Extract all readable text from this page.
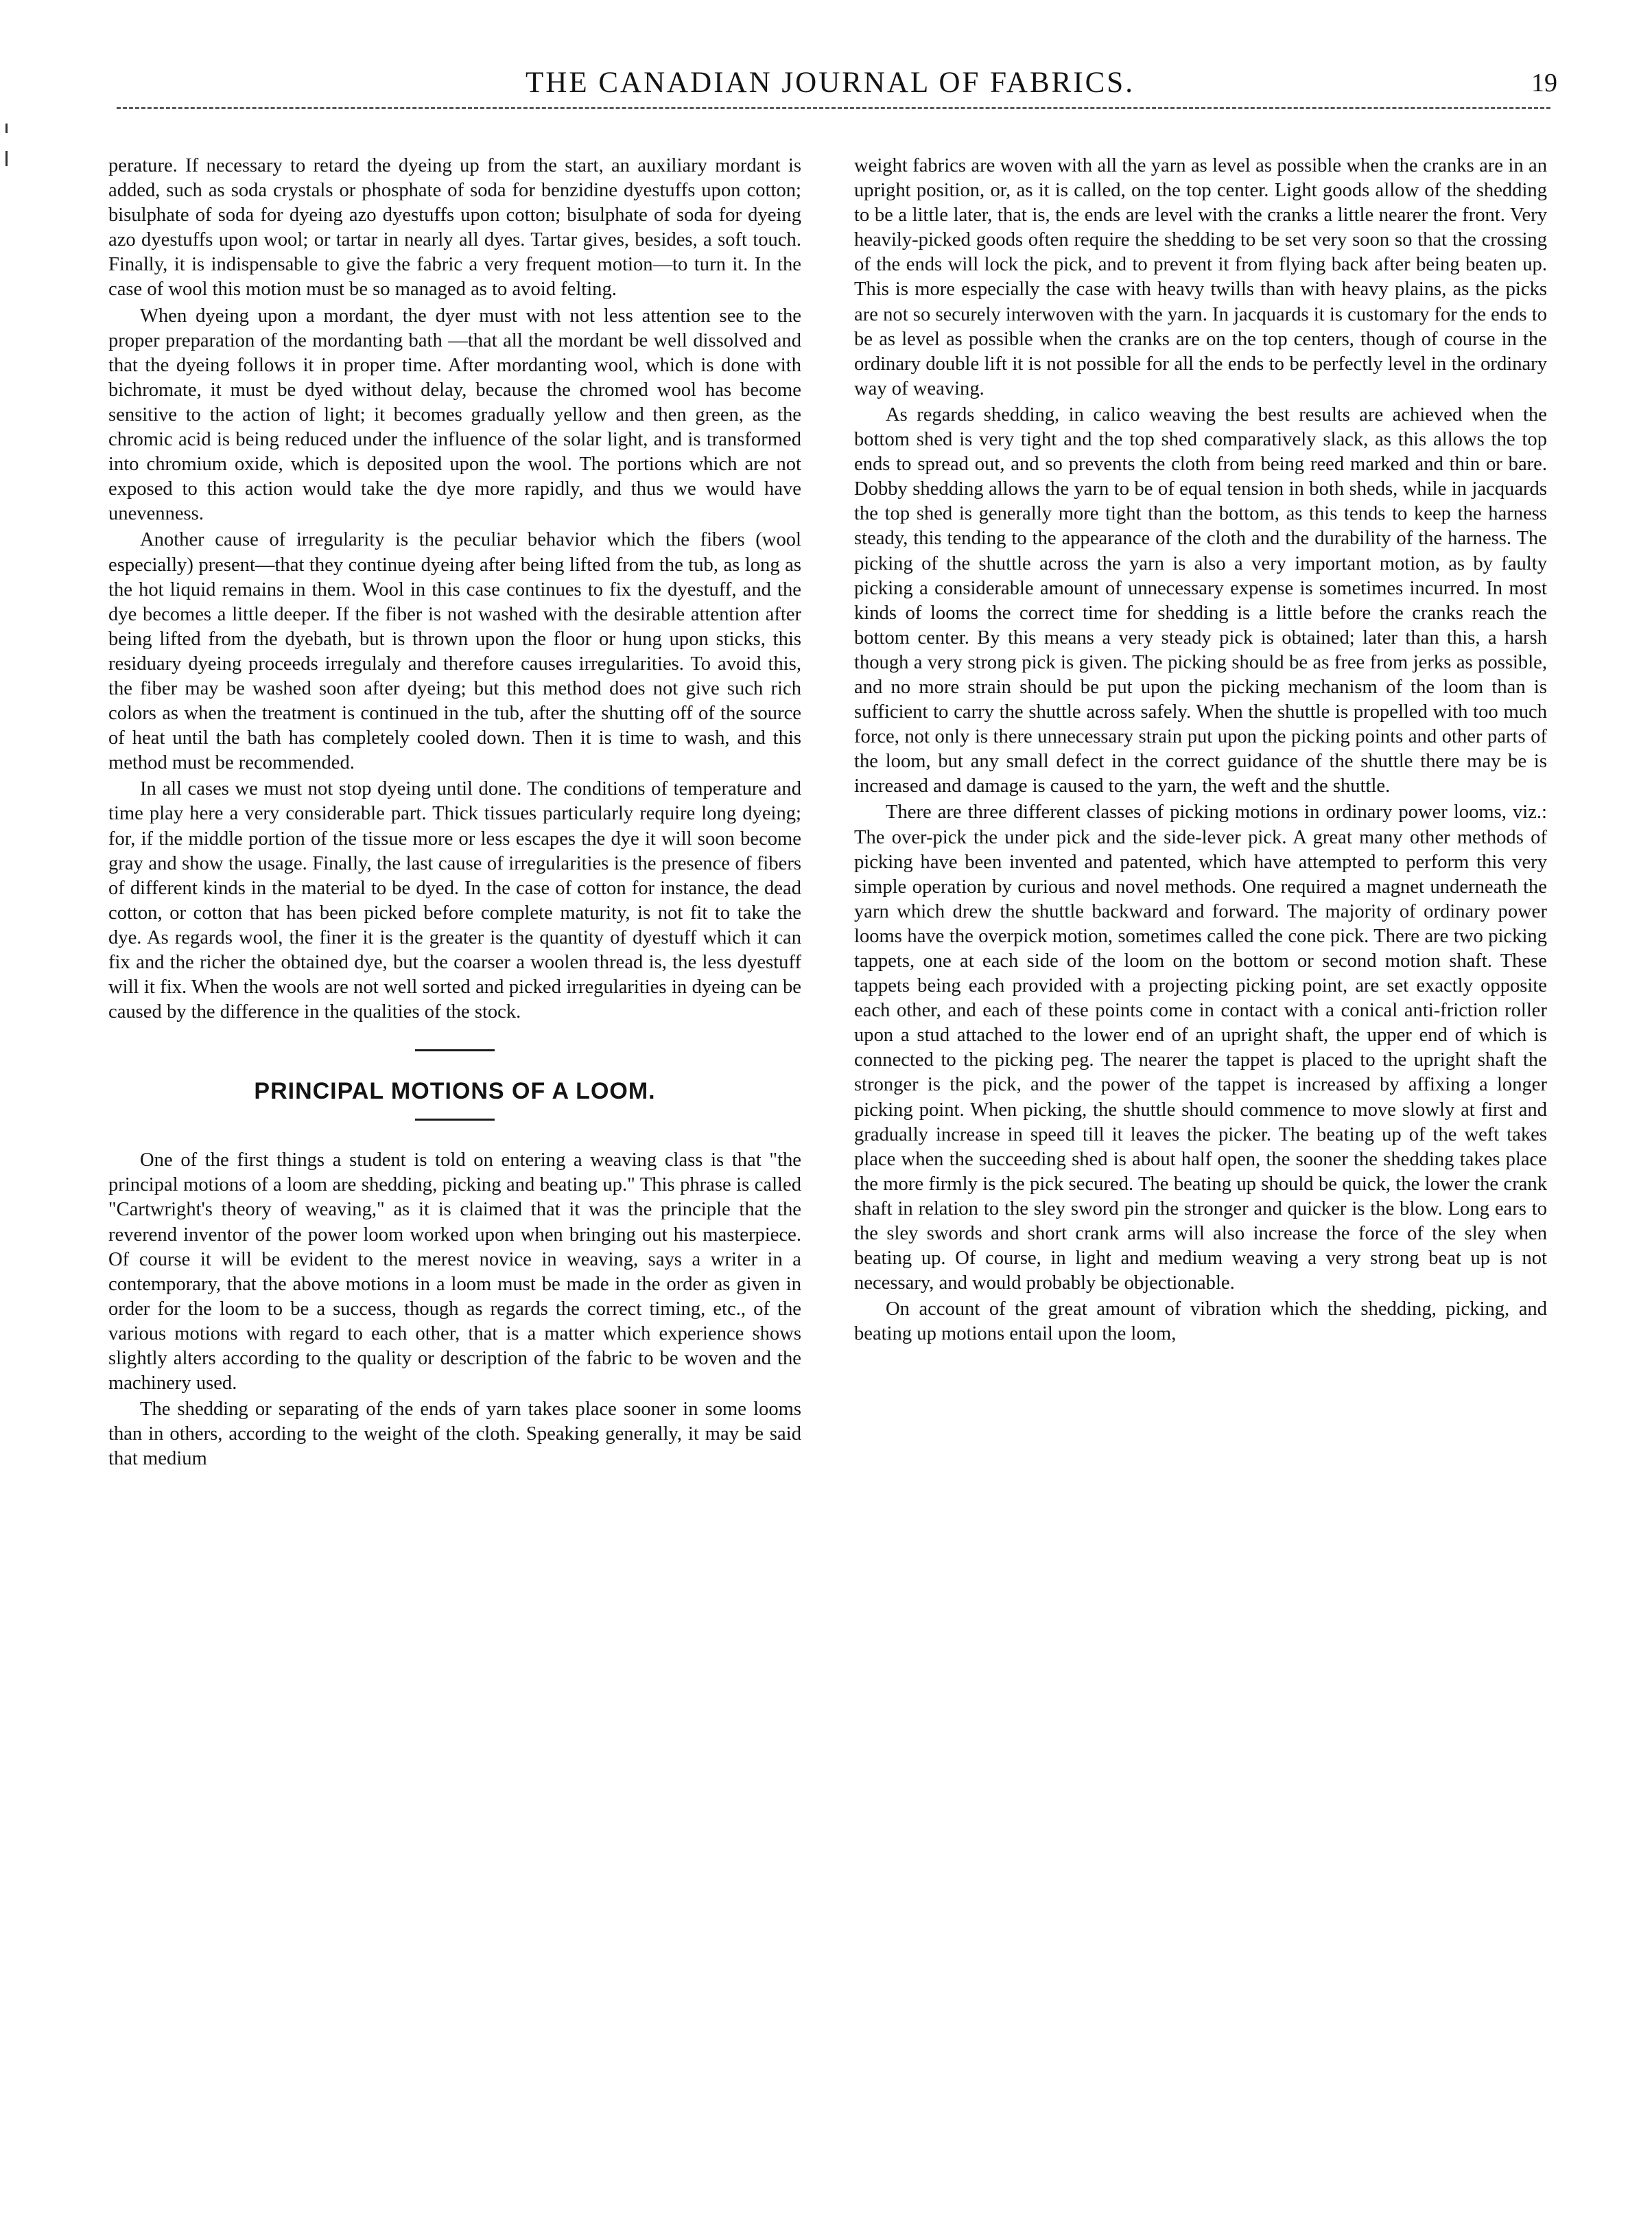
THE CANADIAN JOURNAL OF FABRICS.	19

perature. If necessary to retard the dyeing up from the start, an auxiliary mordant is added, such as soda crystals or phosphate of soda for benzidine dyestuffs upon cotton; bisulphate of soda for dyeing azo dyestuffs upon cotton; bisulphate of soda for dyeing azo dyestuffs upon wool; or tartar in nearly all dyes. Tartar gives, besides, a soft touch. Finally, it is indispensable to give the fabric a very frequent motion—to turn it. In the case of wool this motion must be so managed as to avoid felting.

When dyeing upon a mordant, the dyer must with not less attention see to the proper preparation of the mordanting bath —that all the mordant be well dissolved and that the dyeing follows it in proper time. After mordanting wool, which is done with bichromate, it must be dyed without delay, because the chromed wool has become sensitive to the action of light; it becomes gradually yellow and then green, as the chromic acid is being reduced under the influence of the solar light, and is transformed into chromium oxide, which is deposited upon the wool. The portions which are not exposed to this action would take the dye more rapidly, and thus we would have unevenness.

Another cause of irregularity is the peculiar behavior which the fibers (wool especially) present—that they continue dyeing after being lifted from the tub, as long as the hot liquid remains in them. Wool in this case continues to fix the dyestuff, and the dye becomes a little deeper. If the fiber is not washed with the desirable attention after being lifted from the dyebath, but is thrown upon the floor or hung upon sticks, this residuary dyeing proceeds irregulaly and therefore causes irregularities. To avoid this, the fiber may be washed soon after dyeing; but this method does not give such rich colors as when the treatment is continued in the tub, after the shutting off of the source of heat until the bath has completely cooled down. Then it is time to wash, and this method must be recommended.

In all cases we must not stop dyeing until done. The conditions of temperature and time play here a very considerable part. Thick tissues particularly require long dyeing; for, if the middle portion of the tissue more or less escapes the dye it will soon become gray and show the usage. Finally, the last cause of irregularities is the presence of fibers of different kinds in the material to be dyed. In the case of cotton for instance, the dead cotton, or cotton that has been picked before complete maturity, is not fit to take the dye. As regards wool, the finer it is the greater is the quantity of dyestuff which it can fix and the richer the obtained dye, but the coarser a woolen thread is, the less dyestuff will it fix. When the wools are not well sorted and picked irregularities in dyeing can be caused by the difference in the qualities of the stock.

PRINCIPAL MOTIONS OF A LOOM.

One of the first things a student is told on entering a weaving class is that "the principal motions of a loom are shedding, picking and beating up." This phrase is called "Cartwright's theory of weaving," as it is claimed that it was the principle that the reverend inventor of the power loom worked upon when bringing out his masterpiece. Of course it will be evident to the merest novice in weaving, says a writer in a contemporary, that the above motions in a loom must be made in the order as given in order for the loom to be a success, though as regards the correct timing, etc., of the various motions with regard to each other, that is a matter which experience shows slightly alters according to the quality or description of the fabric to be woven and the machinery used.

The shedding or separating of the ends of yarn takes place sooner in some looms than in others, according to the weight of the cloth. Speaking generally, it may be said that medium

weight fabrics are woven with all the yarn as level as possible when the cranks are in an upright position, or, as it is called, on the top center. Light goods allow of the shedding to be a little later, that is, the ends are level with the cranks a little nearer the front. Very heavily-picked goods often require the shedding to be set very soon so that the crossing of the ends will lock the pick, and to prevent it from flying back after being beaten up. This is more especially the case with heavy twills than with heavy plains, as the picks are not so securely interwoven with the yarn. In jacquards it is customary for the ends to be as level as possible when the cranks are on the top centers, though of course in the ordinary double lift it is not possible for all the ends to be perfectly level in the ordinary way of weaving.

As regards shedding, in calico weaving the best results are achieved when the bottom shed is very tight and the top shed comparatively slack, as this allows the top ends to spread out, and so prevents the cloth from being reed marked and thin or bare. Dobby shedding allows the yarn to be of equal tension in both sheds, while in jacquards the top shed is generally more tight than the bottom, as this tends to keep the harness steady, this tending to the appearance of the cloth and the durability of the harness. The picking of the shuttle across the yarn is also a very important motion, as by faulty picking a considerable amount of unnecessary expense is sometimes incurred. In most kinds of looms the correct time for shedding is a little before the cranks reach the bottom center. By this means a very steady pick is obtained; later than this, a harsh though a very strong pick is given. The picking should be as free from jerks as possible, and no more strain should be put upon the picking mechanism of the loom than is sufficient to carry the shuttle across safely. When the shuttle is propelled with too much force, not only is there unnecessary strain put upon the picking points and other parts of the loom, but any small defect in the correct guidance of the shuttle there may be is increased and damage is caused to the yarn, the weft and the shuttle.

There are three different classes of picking motions in ordinary power looms, viz.: The over-pick the under pick and the side-lever pick. A great many other methods of picking have been invented and patented, which have attempted to perform this very simple operation by curious and novel methods. One required a magnet underneath the yarn which drew the shuttle backward and forward. The majority of ordinary power looms have the overpick motion, sometimes called the cone pick. There are two picking tappets, one at each side of the loom on the bottom or second motion shaft. These tappets being each provided with a projecting picking point, are set exactly opposite each other, and each of these points come in contact with a conical anti-friction roller upon a stud attached to the lower end of an upright shaft, the upper end of which is connected to the picking peg. The nearer the tappet is placed to the upright shaft the stronger is the pick, and the power of the tappet is increased by affixing a longer picking point. When picking, the shuttle should commence to move slowly at first and gradually increase in speed till it leaves the picker. The beating up of the weft takes place when the succeeding shed is about half open, the sooner the shedding takes place the more firmly is the pick secured. The beating up should be quick, the lower the crank shaft in relation to the sley sword pin the stronger and quicker is the blow. Long ears to the sley swords and short crank arms will also increase the force of the sley when beating up. Of course, in light and medium weaving a very strong beat up is not necessary, and would probably be objectionable.

On account of the great amount of vibration which the shedding, picking, and beating up motions entail upon the loom,
